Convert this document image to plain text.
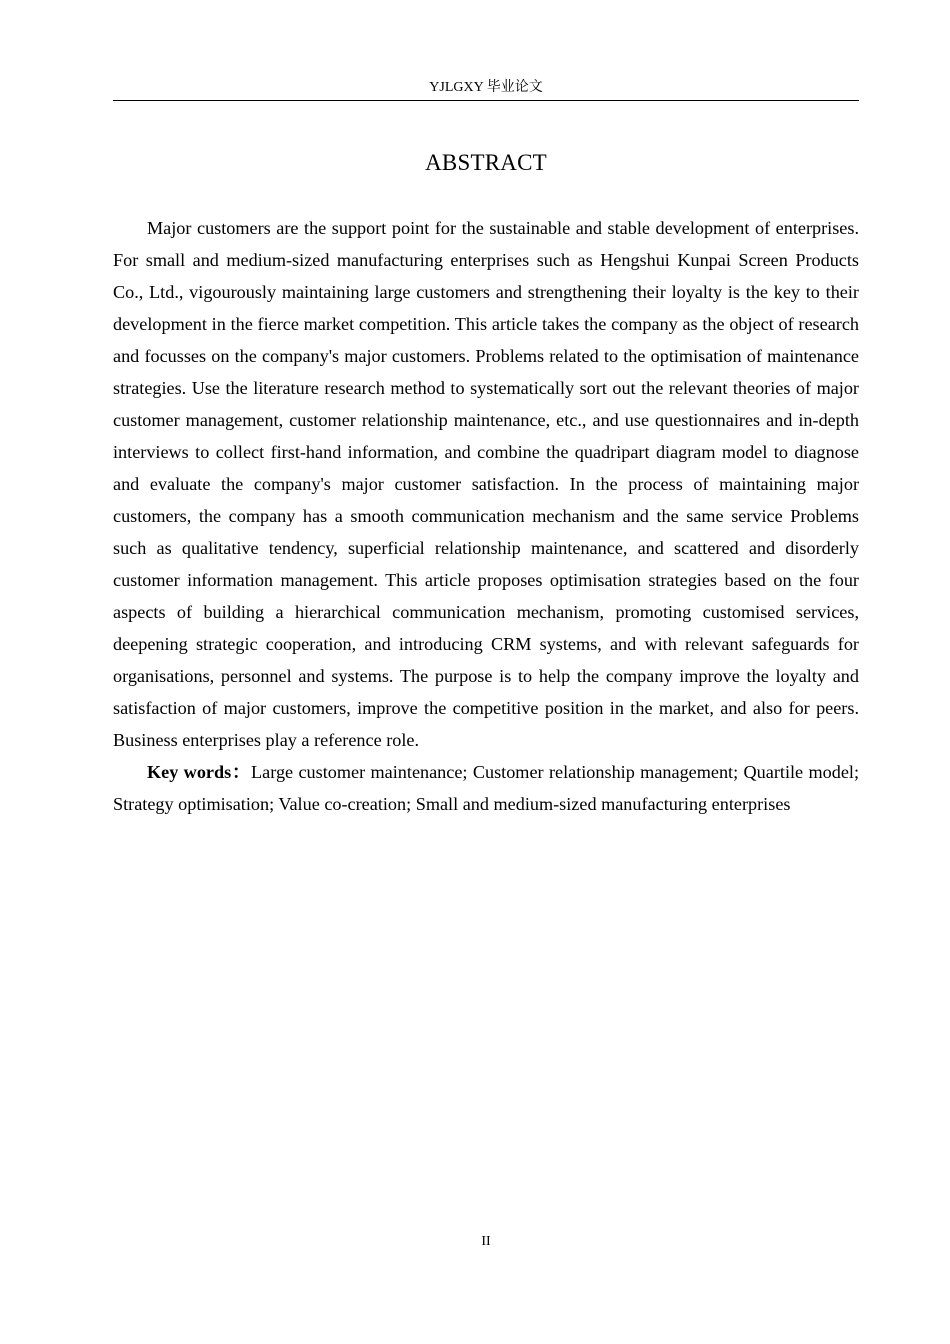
YJLGXY 毕业论文
ABSTRACT

Major customers are the support point for the sustainable and stable development of enterprises. For small and medium-sized manufacturing enterprises such as Hengshui Kunpai Screen Products Co., Ltd., vigourously maintaining large customers and strengthening their loyalty is the key to their development in the fierce market competition. This article takes the company as the object of research and focusses on the company's major customers. Problems related to the optimisation of maintenance strategies. Use the literature research method to systematically sort out the relevant theories of major customer management, customer relationship maintenance, etc., and use questionnaires and in-depth interviews to collect first-hand information, and combine the quadripart diagram model to diagnose and evaluate the company's major customer satisfaction. In the process of maintaining major customers, the company has a smooth communication mechanism and the same service Problems such as qualitative tendency, superficial relationship maintenance, and scattered and disorderly customer information management. This article proposes optimisation strategies based on the four aspects of building a hierarchical communication mechanism, promoting customised services, deepening strategic cooperation, and introducing CRM systems, and with relevant safeguards for organisations, personnel and systems. The purpose is to help the company improve the loyalty and satisfaction of major customers, improve the competitive position in the market, and also for peers. Business enterprises play a reference role.

Key words：Large customer maintenance; Customer relationship management; Quartile model; Strategy optimisation; Value co-creation; Small and medium-sized manufacturing enterprises

II
